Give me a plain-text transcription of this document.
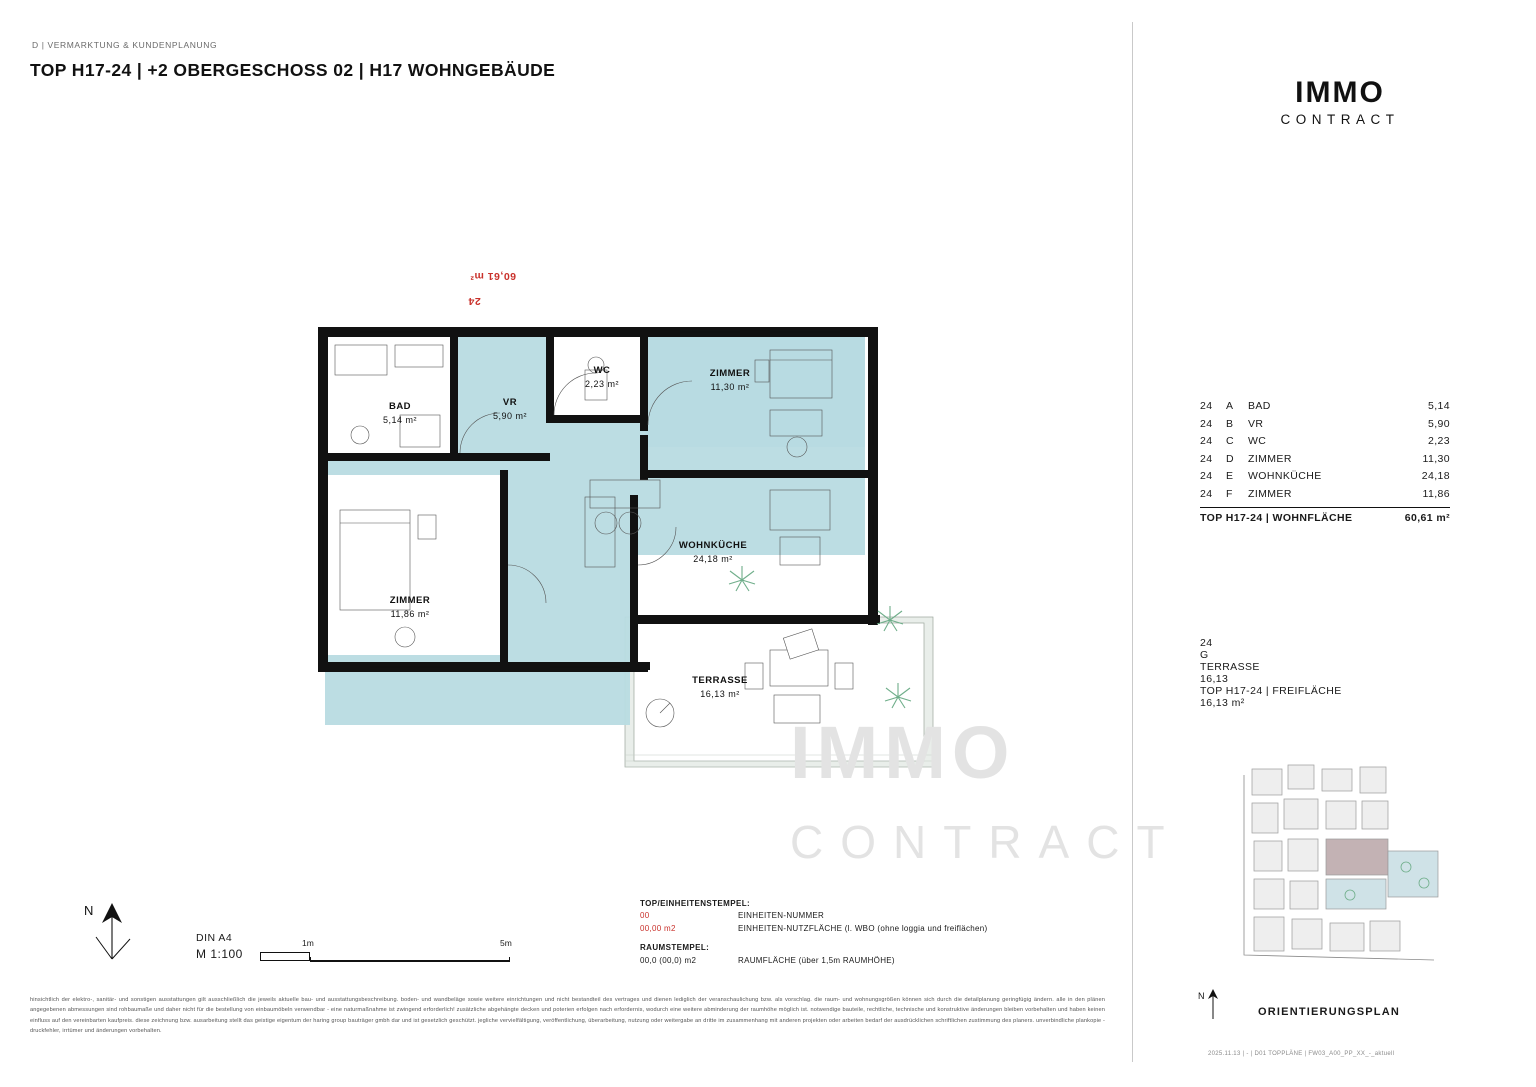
D | VERMARKTUNG & KUNDENPLANUNG
TOP H17-24 | +2 OBERGESCHOSS 02 | H17 WOHNGEBÄUDE
IMMO
CONTRACT
IMMO
CONTRACT
24
60,61 m²
BAD
5,14 m²
VR
5,90 m²
WC
2,23 m²
ZIMMER
11,30 m²
WOHNKÜCHE
24,18 m²
ZIMMER
11,86 m²
TERRASSE
16,13 m²
24	A	BAD	5,14
24	B	VR	5,90
24	C	WC	2,23
24	D	ZIMMER	11,30
24	E	WOHNKÜCHE	24,18
24	F	ZIMMER	11,86
TOP H17-24 | WOHNFLÄCHE	60,61 m²
24
G
TERRASSE
16,13
TOP H17-24 | FREIFLÄCHE
16,13 m²
N
ORIENTIERUNGSPLAN
2025.11.13 | - | D01 TOPPLÄNE | FW03_A00_PP_XX_-_aktuell
N
DIN A4
M 1:100
1m	5m
TOP/EINHEITENSTEMPEL:
00	EINHEITEN-NUMMER
00,00 m2	EINHEITEN-NUTZFLÄCHE (l. WBO (ohne loggia und freiflächen)
RAUMSTEMPEL:
00,0 (00,0) m2	RAUMFLÄCHE (über 1,5m RAUMHÖHE)
hinsichtlich der elektro-, sanitär- und sonstigen ausstattungen gilt ausschließlich die jeweils aktuelle bau- und ausstattungsbeschreibung. boden- und wandbeläge sowie weitere einrichtungen und nicht bestandteil des vertrages und dienen lediglich der veranschaulichung bzw. als vorschlag. die raum- und wohnungsgrößen können sich durch die detailplanung geringfügig ändern. alle in den plänen angegebenen abmessungen sind rohbaumaße und daher nicht für die bestellung von einbaumöbeln verwendbar - eine naturmaßnahme ist zwingend erforderlich! zusätzliche abgehängte decken und poterien erfolgen nach erfordernis, wodurch eine weitere abminderung der raumhöhe möglich ist. notwendige bauteile, rechtliche, technische und konstruktive änderungen bleiben vorbehalten und haben keinen einfluss auf den vereinbarten kaufpreis. diese zeichnung bzw. ausarbeitung stellt das geistige eigentum der haring group bauträger gmbh dar und ist gesetzlich geschützt. jegliche vervielfältigung, veröffentlichung, überarbeitung, nutzung oder weitergabe an dritte im zusammenhang mit anderen projekten oder arbeiten bedarf der ausdrücklichen schriftlichen zustimmung des planers. unverbindliche plankopie - druckfehler, irrtümer und änderungen vorbehalten.
